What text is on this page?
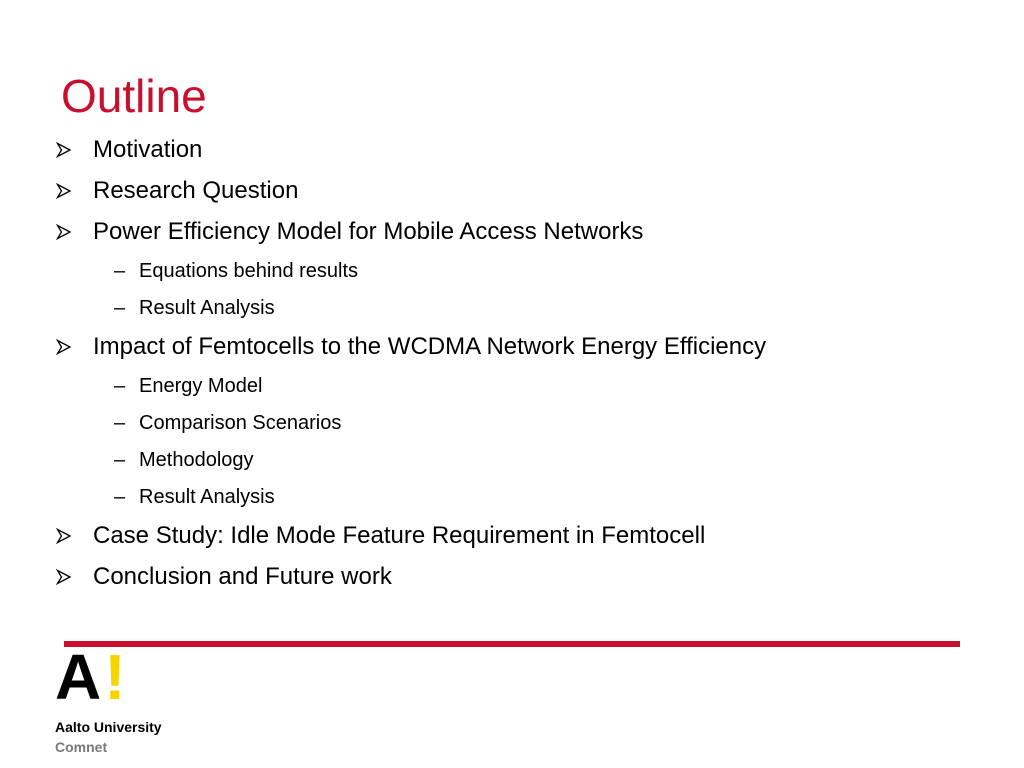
Outline
Motivation
Research Question
Power Efficiency Model for Mobile Access Networks
– Equations behind results
– Result Analysis
Impact of Femtocells to the WCDMA Network Energy Efficiency
– Energy Model
– Comparison Scenarios
– Methodology
– Result Analysis
Case Study: Idle Mode Feature Requirement in Femtocell
Conclusion and Future work
A!
Aalto University
Comnet
